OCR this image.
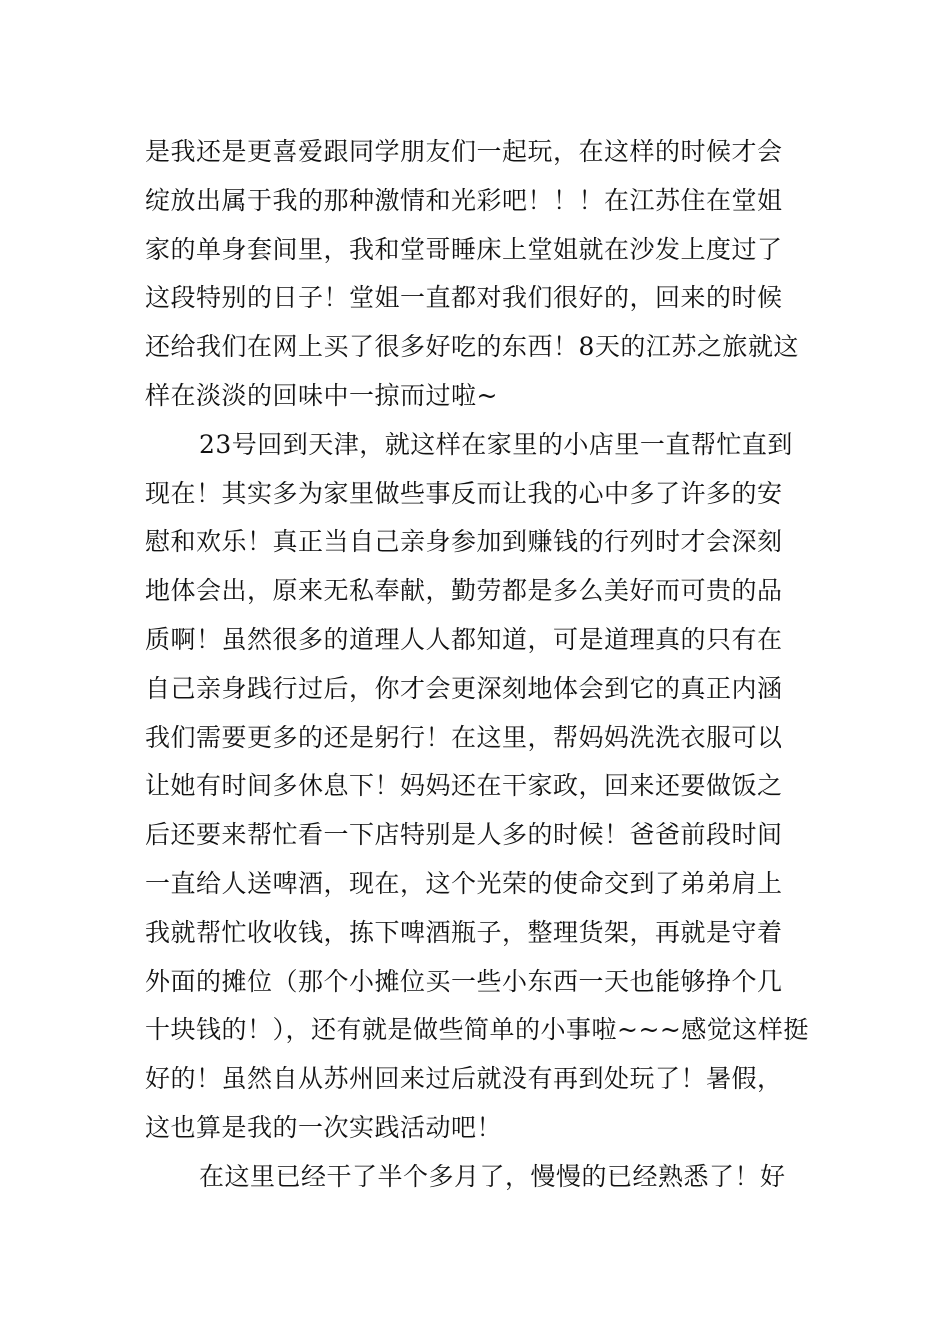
是我还是更喜爱跟同学朋友们一起玩，在这样的时候才会
绽放出属于我的那种激情和光彩吧！！！在江苏住在堂姐
家的单身套间里，我和堂哥睡床上堂姐就在沙发上度过了
这段特别的日子！堂姐一直都对我们很好的，回来的时候
还给我们在网上买了很多好吃的东西！8天的江苏之旅就这
样在淡淡的回味中一掠而过啦~
23号回到天津，就这样在家里的小店里一直帮忙直到
现在！其实多为家里做些事反而让我的心中多了许多的安
慰和欢乐！真正当自己亲身参加到赚钱的行列时才会深刻
地体会出，原来无私奉献，勤劳都是多么美好而可贵的品
质啊！虽然很多的道理人人都知道，可是道理真的只有在
自己亲身践行过后，你才会更深刻地体会到它的真正内涵
我们需要更多的还是躬行！在这里，帮妈妈洗洗衣服可以
让她有时间多休息下！妈妈还在干家政，回来还要做饭之
后还要来帮忙看一下店特别是人多的时候！爸爸前段时间
一直给人送啤酒，现在，这个光荣的使命交到了弟弟肩上
我就帮忙收收钱，拣下啤酒瓶子，整理货架，再就是守着
外面的摊位（那个小摊位买一些小东西一天也能够挣个几
十块钱的！），还有就是做些简单的小事啦~~~感觉这样挺
好的！虽然自从苏州回来过后就没有再到处玩了！暑假，
这也算是我的一次实践活动吧！
在这里已经干了半个多月了，慢慢的已经熟悉了！好
